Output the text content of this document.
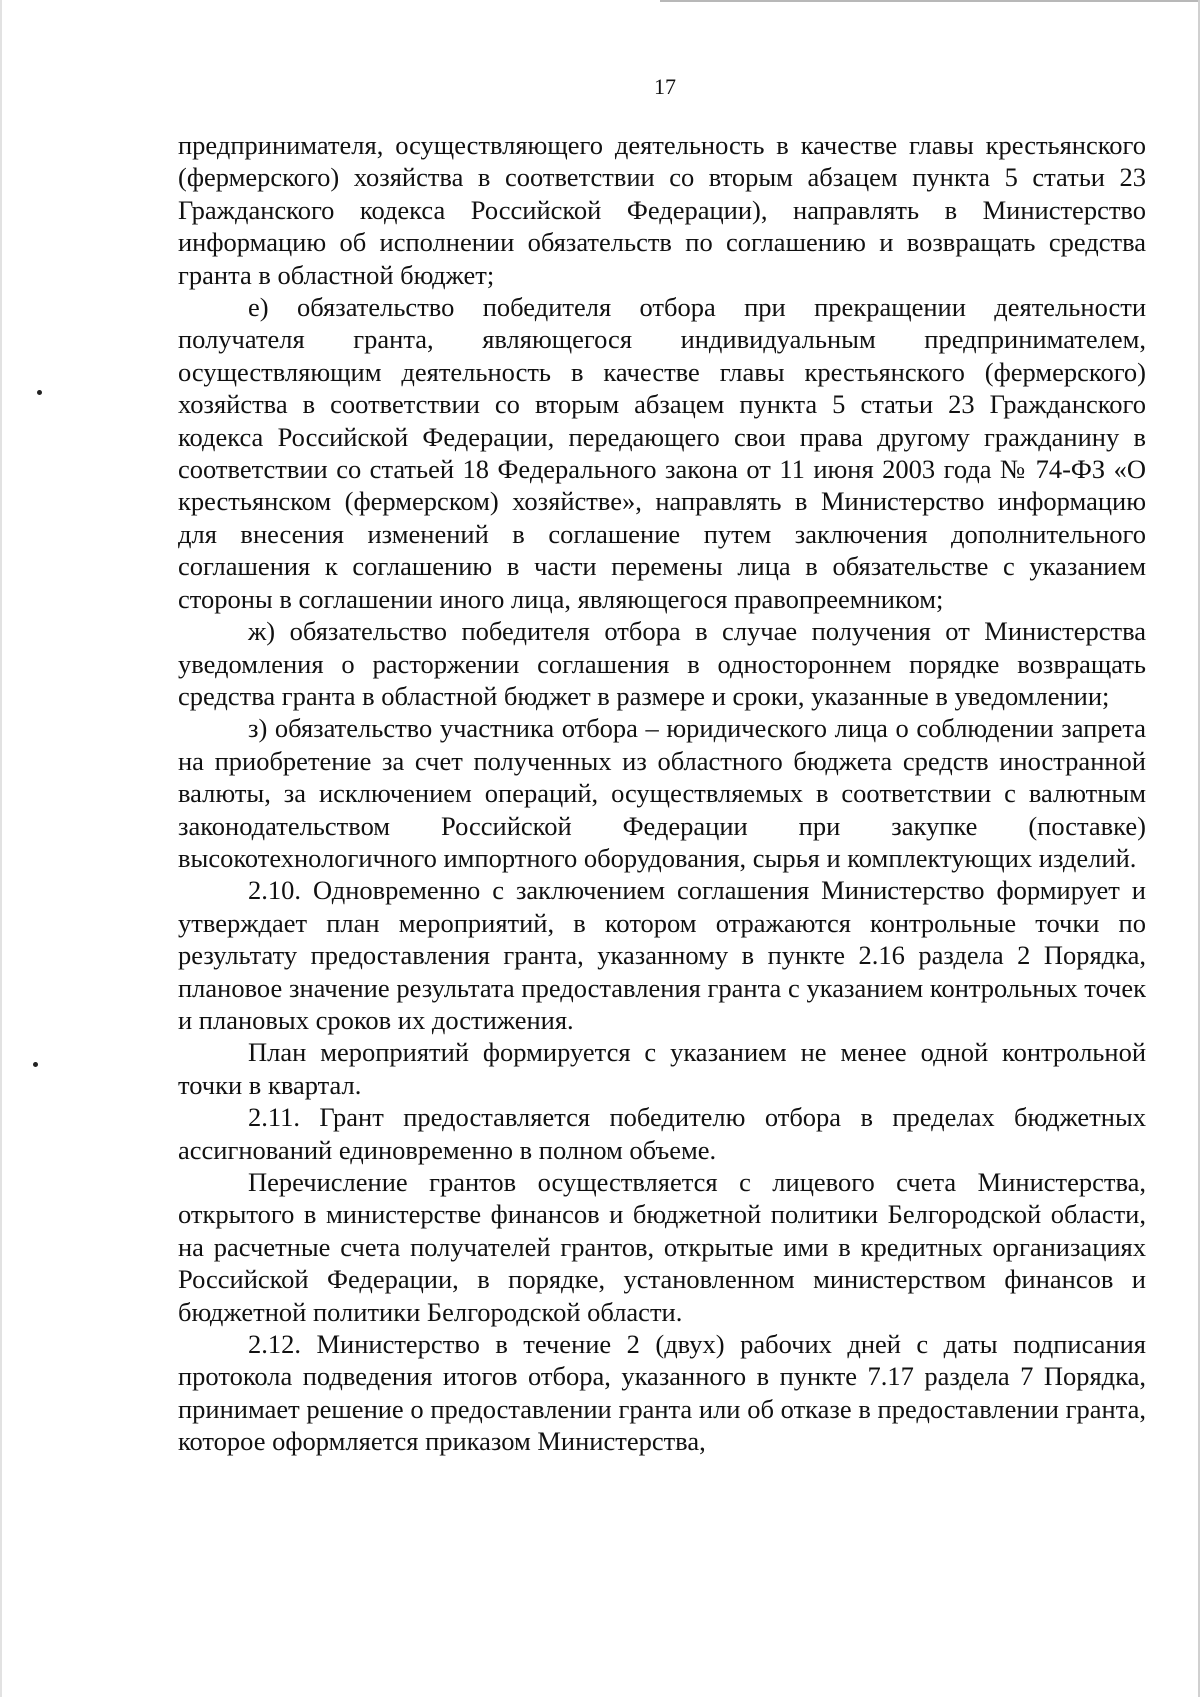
17

предпринимателя, осуществляющего деятельность в качестве главы крестьянского (фермерского) хозяйства в соответствии со вторым абзацем пункта 5 статьи 23 Гражданского кодекса Российской Федерации), направлять в Министерство информацию об исполнении обязательств по соглашению и возвращать средства гранта в областной бюджет;

е) обязательство победителя отбора при прекращении деятельности получателя гранта, являющегося индивидуальным предпринимателем, осуществляющим деятельность в качестве главы крестьянского (фермерского) хозяйства в соответствии со вторым абзацем пункта 5 статьи 23 Гражданского кодекса Российской Федерации, передающего свои права другому гражданину в соответствии со статьей 18 Федерального закона от 11 июня 2003 года № 74-ФЗ «О крестьянском (фермерском) хозяйстве», направлять в Министерство информацию для внесения изменений в соглашение путем заключения дополнительного соглашения к соглашению в части перемены лица в обязательстве с указанием стороны в соглашении иного лица, являющегося правопреемником;

ж) обязательство победителя отбора в случае получения от Министерства уведомления о расторжении соглашения в одностороннем порядке возвращать средства гранта в областной бюджет в размере и сроки, указанные в уведомлении;

з) обязательство участника отбора – юридического лица о соблюдении запрета на приобретение за счет полученных из областного бюджета средств иностранной валюты, за исключением операций, осуществляемых в соответствии с валютным законодательством Российской Федерации при закупке (поставке) высокотехнологичного импортного оборудования, сырья и комплектующих изделий.

2.10. Одновременно с заключением соглашения Министерство формирует и утверждает план мероприятий, в котором отражаются контрольные точки по результату предоставления гранта, указанному в пункте 2.16 раздела 2 Порядка, плановое значение результата предоставления гранта с указанием контрольных точек и плановых сроков их достижения.

План мероприятий формируется с указанием не менее одной контрольной точки в квартал.

2.11. Грант предоставляется победителю отбора в пределах бюджетных ассигнований единовременно в полном объеме.

Перечисление грантов осуществляется с лицевого счета Министерства, открытого в министерстве финансов и бюджетной политики Белгородской области, на расчетные счета получателей грантов, открытые ими в кредитных организациях Российской Федерации, в порядке, установленном министерством финансов и бюджетной политики Белгородской области.

2.12. Министерство в течение 2 (двух) рабочих дней с даты подписания протокола подведения итогов отбора, указанного в пункте 7.17 раздела 7 Порядка, принимает решение о предоставлении гранта или об отказе в предоставлении гранта, которое оформляется приказом Министерства,
